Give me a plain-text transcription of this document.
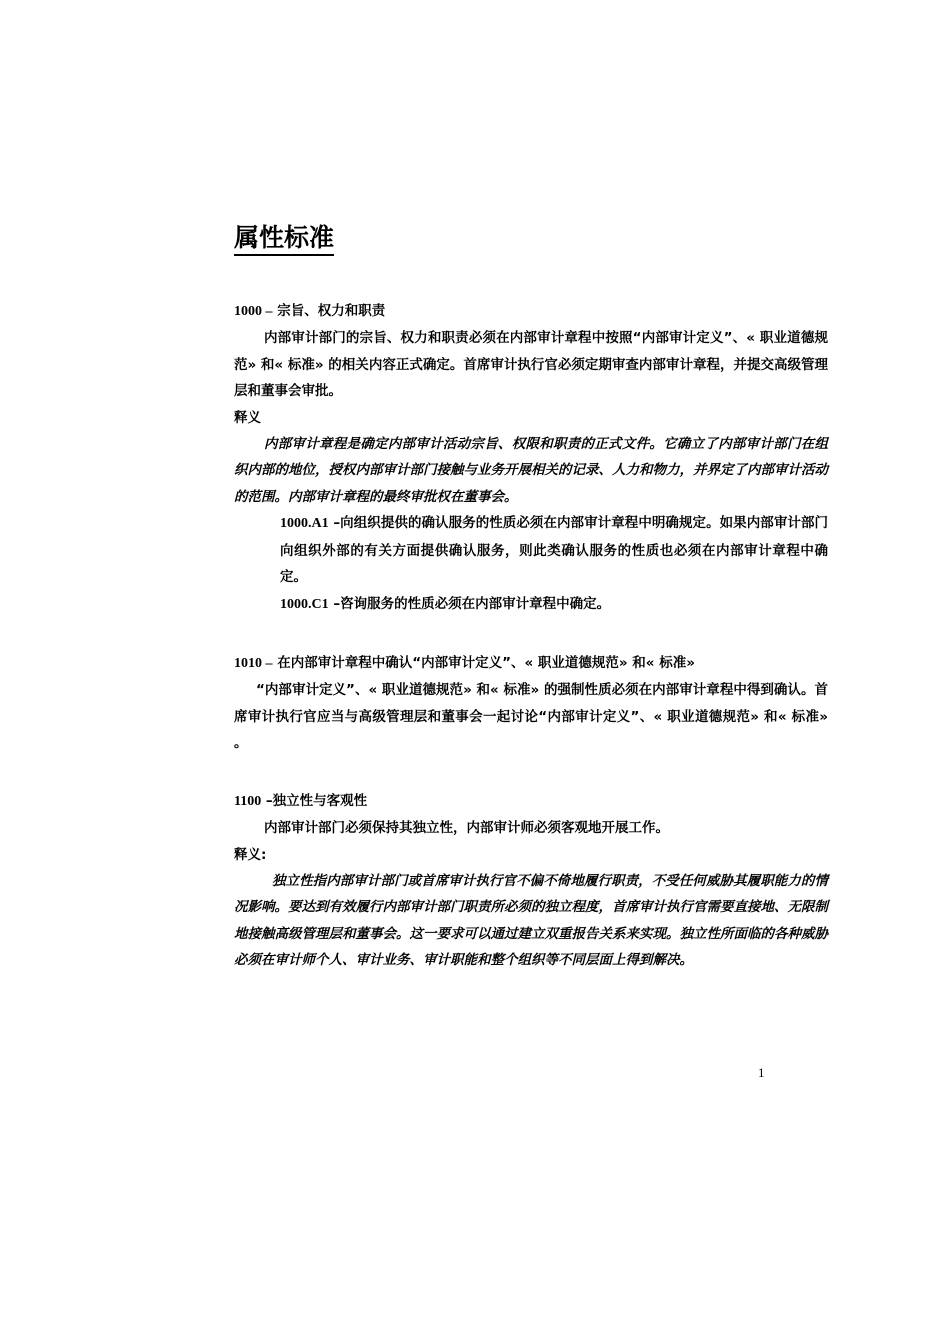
属性标准

1000 – 宗旨、权力和职责

内部审计部门的宗旨、权力和职责必须在内部审计章程中按照“内部审计定义”、« 职业道德规范» 和« 标准» 的相关内容正式确定。首席审计执行官必须定期审查内部审计章程，并提交高级管理层和董事会审批。

释义

内部审计章程是确定内部审计活动宗旨、权限和职责的正式文件。它确立了内部审计部门在组织内部的地位，授权内部审计部门接触与业务开展相关的记录、人力和物力，并界定了内部审计活动的范围。内部审计章程的最终审批权在董事会。

1000.A1 –向组织提供的确认服务的性质必须在内部审计章程中明确规定。如果内部审计部门向组织外部的有关方面提供确认服务，则此类确认服务的性质也必须在内部审计章程中确定。

1000.C1 –咨询服务的性质必须在内部审计章程中确定。

1010 – 在内部审计章程中确认“内部审计定义”、« 职业道德规范» 和« 标准»

“内部审计定义”、« 职业道德规范» 和« 标准» 的强制性质必须在内部审计章程中得到确认。首席审计执行官应当与高级管理层和董事会一起讨论“内部审计定义”、« 职业道德规范» 和« 标准» 。

1100 –独立性与客观性

内部审计部门必须保持其独立性，内部审计师必须客观地开展工作。

释义:

独立性指内部审计部门或首席审计执行官不偏不倚地履行职责，不受任何威胁其履职能力的情况影响。要达到有效履行内部审计部门职责所必须的独立程度，首席审计执行官需要直接地、无限制地接触高级管理层和董事会。这一要求可以通过建立双重报告关系来实现。独立性所面临的各种威胁必须在审计师个人、审计业务、审计职能和整个组织等不同层面上得到解决。

1
